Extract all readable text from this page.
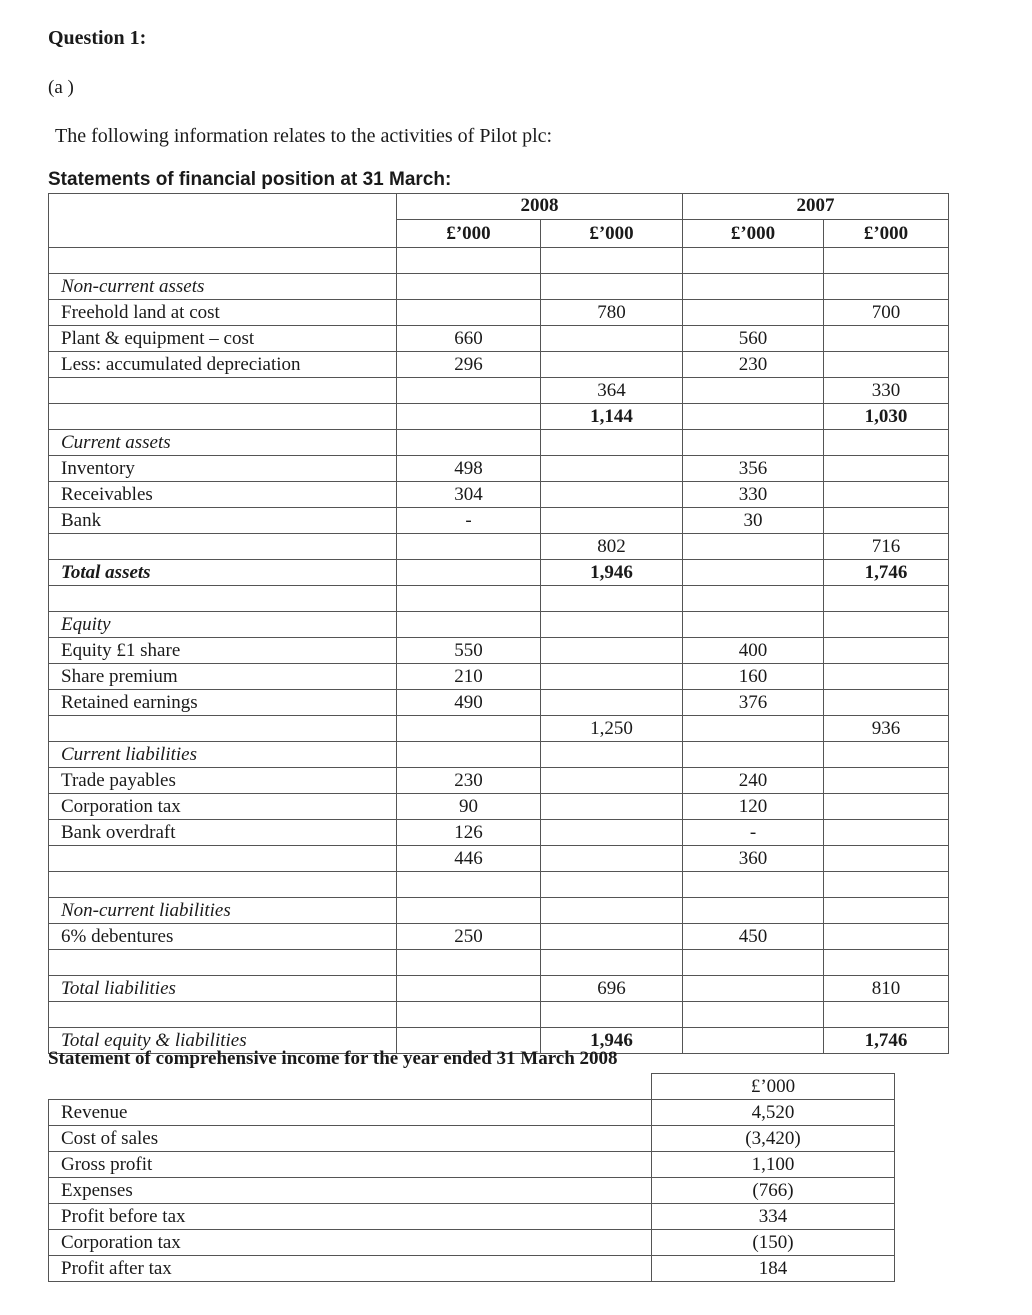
Question 1:
(a )
The following information relates to the activities of Pilot plc:
Statements of financial position at 31 March:
	2008		2007	
	£’000	£’000	£’000	£’000

Non-current assets				
Freehold land at cost		780		700
Plant & equipment – cost	660		560	
Less: accumulated depreciation	296		230	
		364		330
		1,144		1,030
Current assets				
Inventory	498		356	
Receivables	304		330	
Bank	-		30	
		802		716
Total assets		1,946		1,746

Equity				
Equity £1 share	550		400	
Share premium	210		160	
Retained earnings	490		376	
		1,250		936
Current liabilities				
Trade payables	230		240	
Corporation tax	90		120	
Bank overdraft	126		-	
	446		360	

Non-current liabilities				
6% debentures	250		450	

Total liabilities		696		810

Total equity & liabilities		1,946		1,746
Statement of comprehensive income for the year ended 31 March 2008
	£’000
Revenue	4,520
Cost of sales	(3,420)
Gross profit	1,100
Expenses	(766)
Profit before tax	334
Corporation tax	(150)
Profit after tax	184
